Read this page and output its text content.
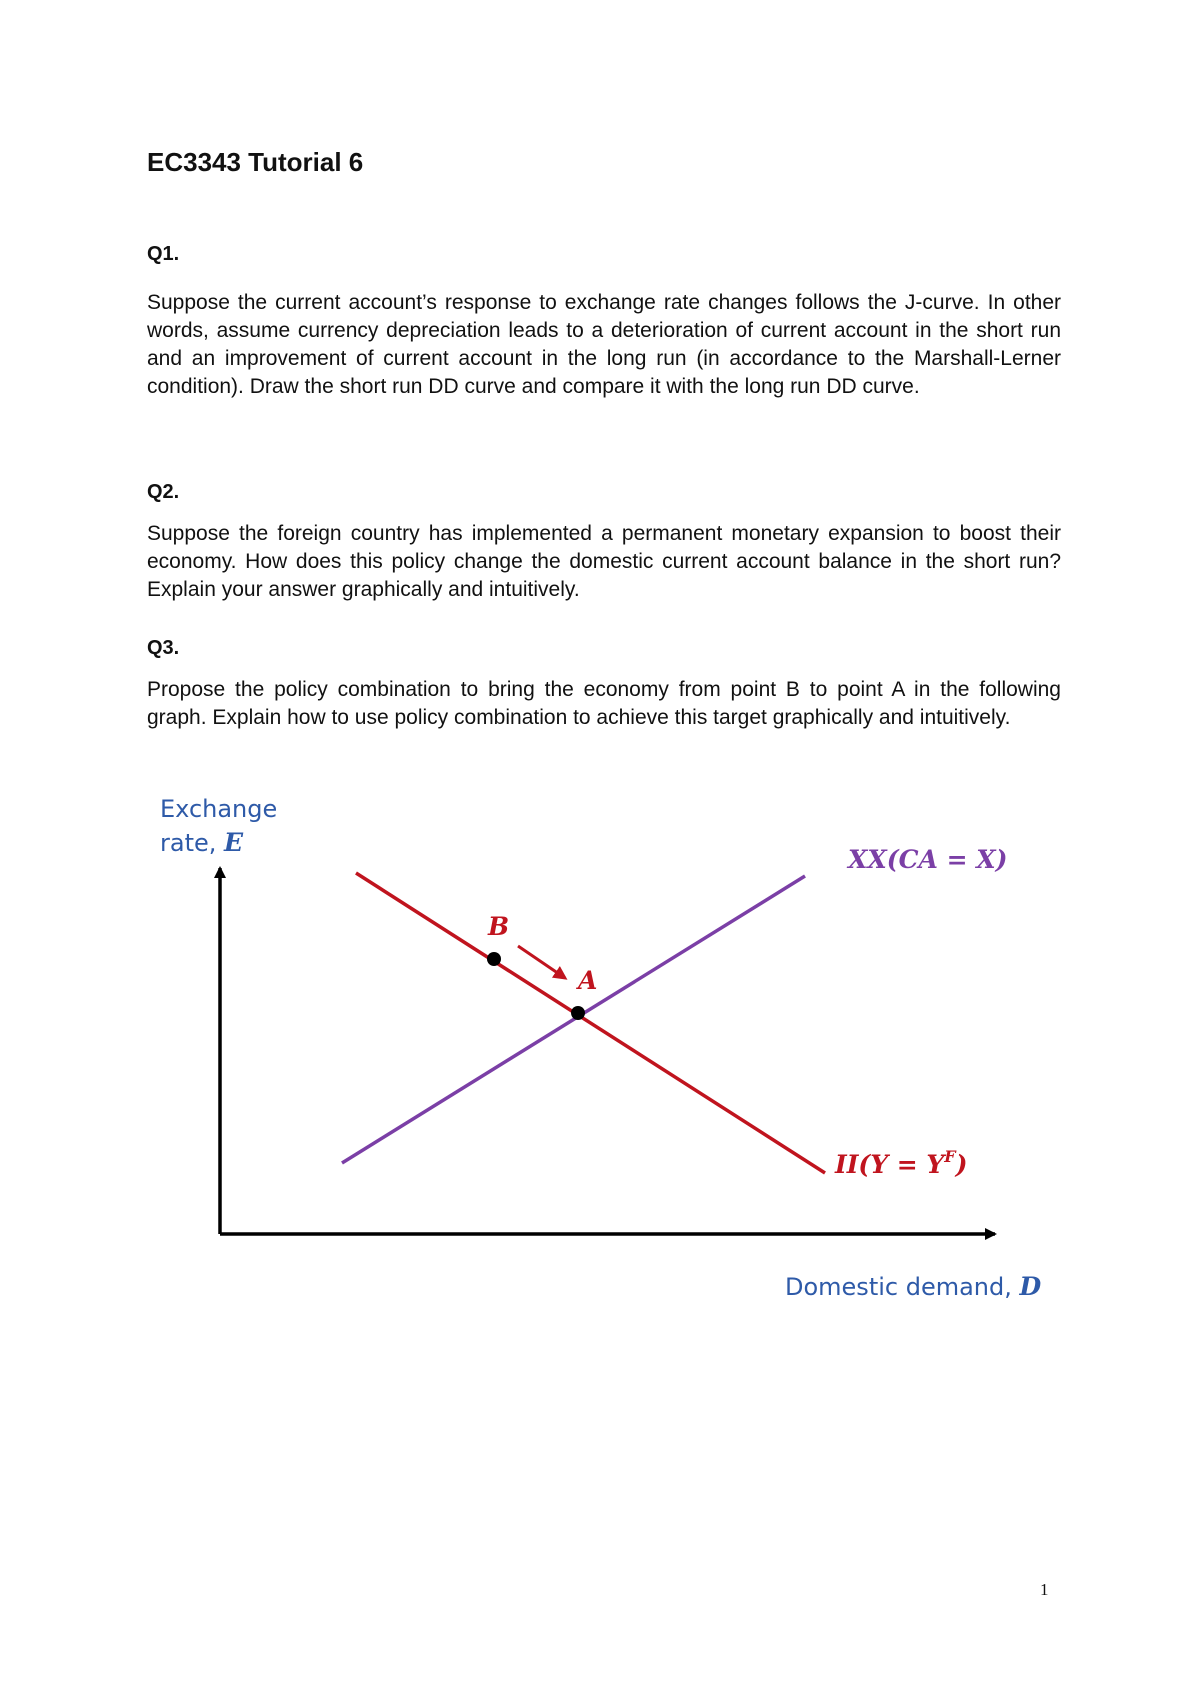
EC3343 Tutorial 6
Q1.

Suppose the current account’s response to exchange rate changes follows the J-curve. In other words, assume currency depreciation leads to a deterioration of current account in the short run and an improvement of current account in the long run (in accordance to the Marshall-Lerner condition). Draw the short run DD curve and compare it with the long run DD curve.

Q2.

Suppose the foreign country has implemented a permanent monetary expansion to boost their economy. How does this policy change the domestic current account balance in the short run? Explain your answer graphically and intuitively.

Q3.

Propose the policy combination to bring the economy from point B to point A in the following graph. Explain how to use policy combination to achieve this target graphically and intuitively.

Exchange
rate, E
XX(CA = X)
$II(Y = Y^F)$
B
A
Domestic demand, D

1
